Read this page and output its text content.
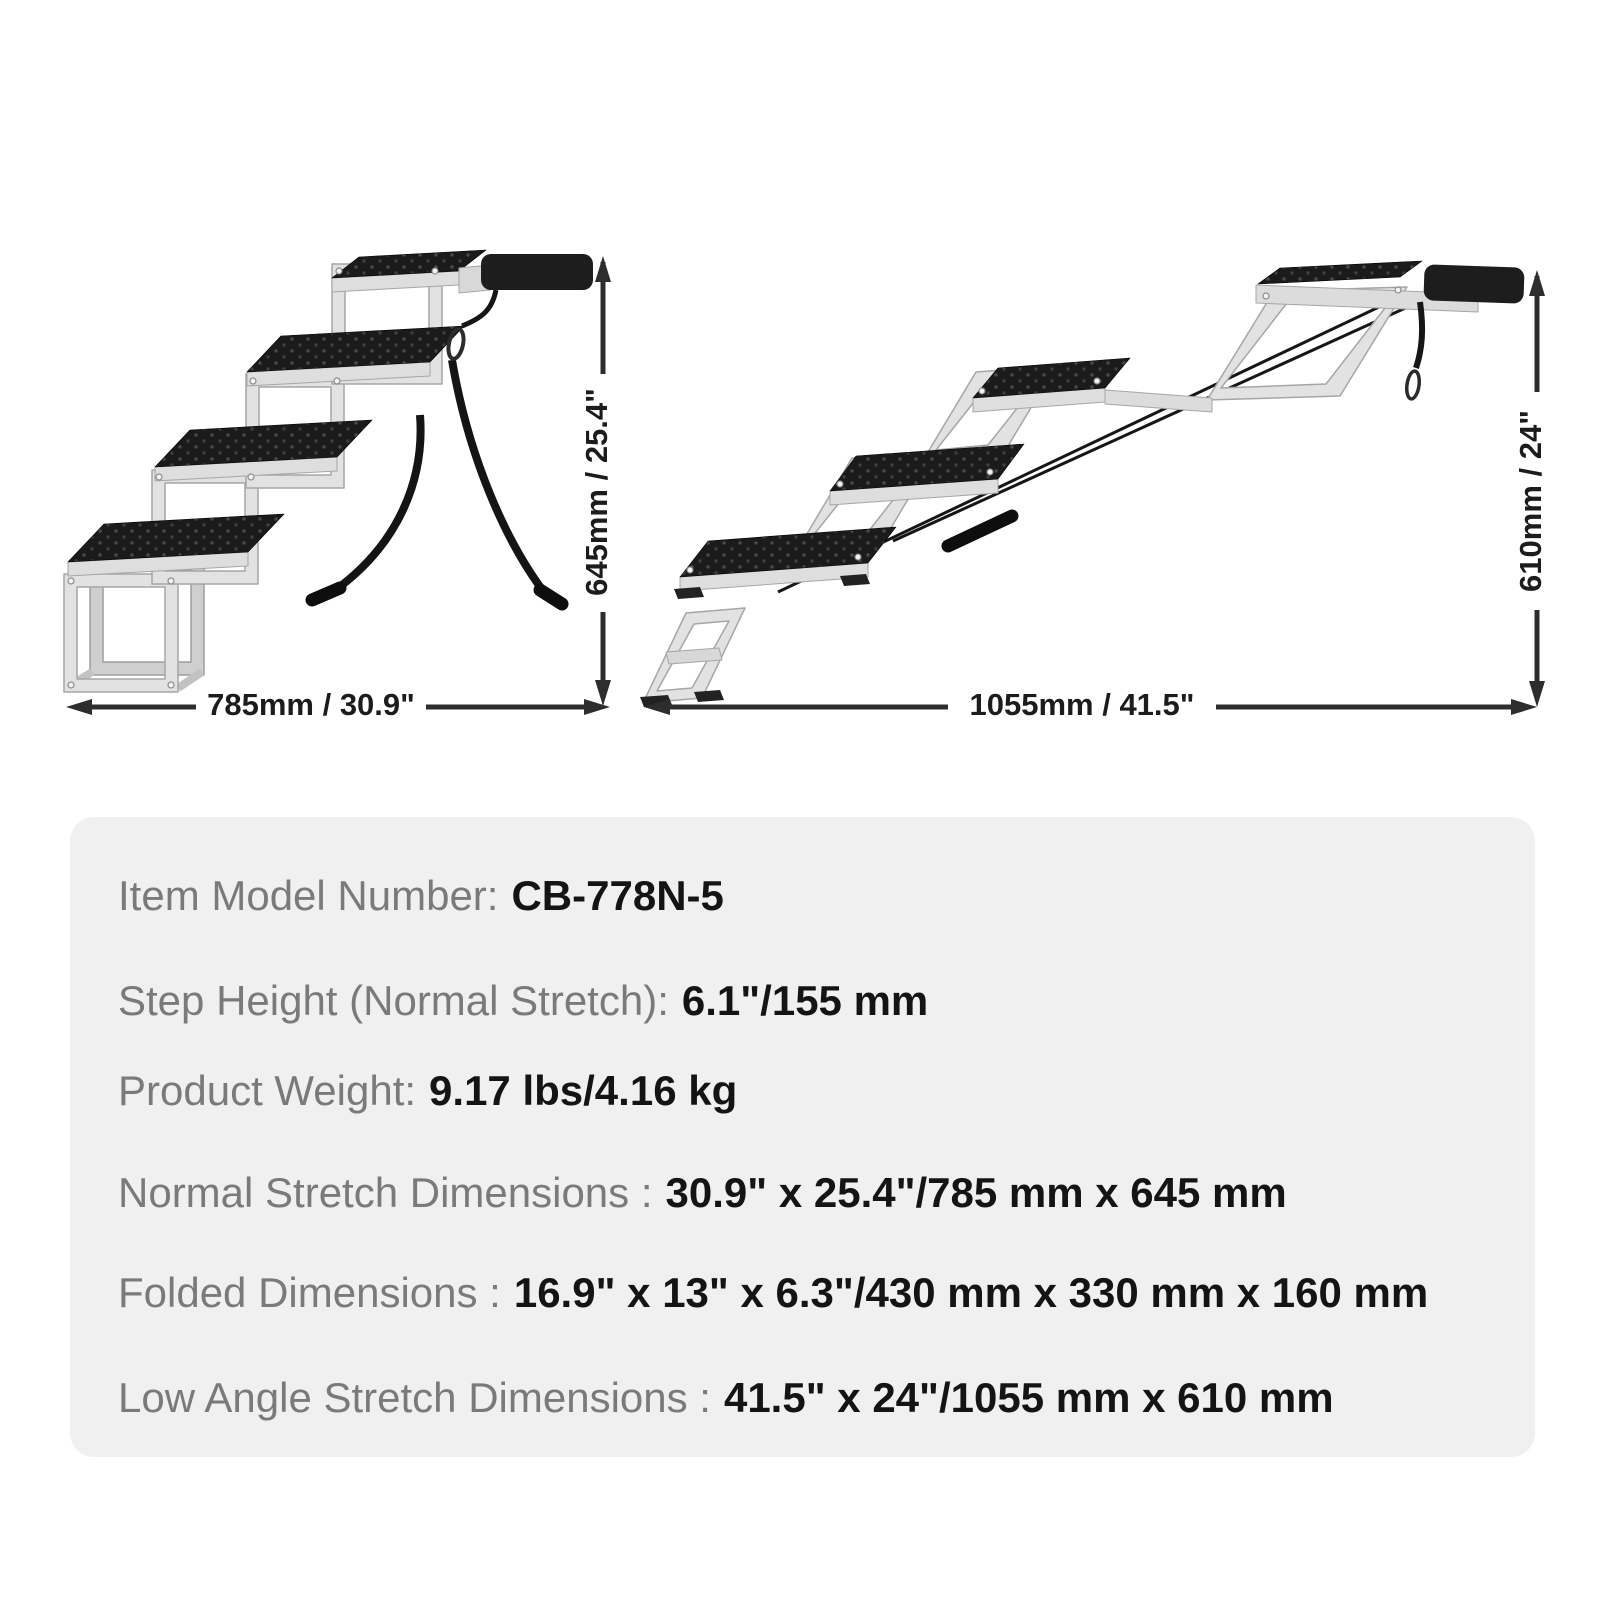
785mm / 30.9"
645mm / 25.4"
1055mm / 41.5"
610mm / 24"
Item Model Number: CB-778N-5
Step Height (Normal Stretch): 6.1"/155 mm
Product Weight: 9.17 lbs/4.16 kg
Normal Stretch Dimensions : 30.9" x 25.4"/785 mm x 645 mm
Folded Dimensions : 16.9" x 13" x 6.3"/430 mm x 330 mm x 160 mm
Low Angle Stretch Dimensions : 41.5" x 24"/1055 mm x 610 mm
